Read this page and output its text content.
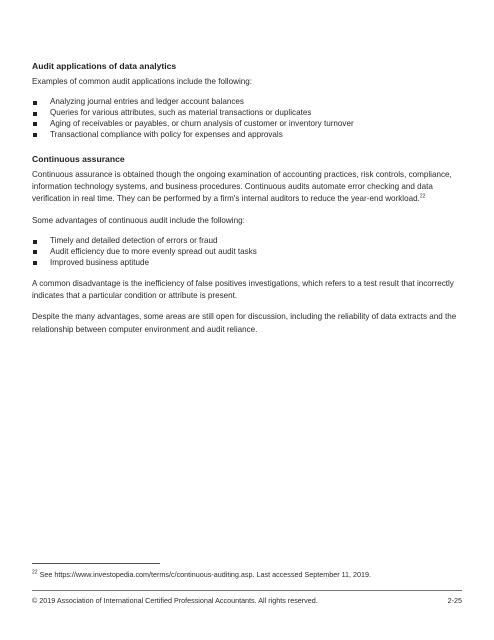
Audit applications of data analytics

Examples of common audit applications include the following:

Analyzing journal entries and ledger account balances
Queries for various attributes, such as material transactions or duplicates
Aging of receivables or payables, or churn analysis of customer or inventory turnover
Transactional compliance with policy for expenses and approvals
Continuous assurance

Continuous assurance is obtained though the ongoing examination of accounting practices, risk controls, compliance, information technology systems, and business procedures. Continuous audits automate error checking and data verification in real time. They can be performed by a firm's internal auditors to reduce the year-end workload.$^{22}$

Some advantages of continuous audit include the following:

Timely and detailed detection of errors or fraud
Audit efficiency due to more evenly spread out audit tasks
Improved business aptitude

A common disadvantage is the inefficiency of false positives investigations, which refers to a test result that incorrectly indicates that a particular condition or attribute is present.

Despite the many advantages, some areas are still open for discussion, including the reliability of data extracts and the relationship between computer environment and audit reliance.

$^{22}$ See https://www.investopedia.com/terms/c/continuous-auditing.asp. Last accessed September 11, 2019.
© 2019 Association of International Certified Professional Accountants. All rights reserved.	2-25
